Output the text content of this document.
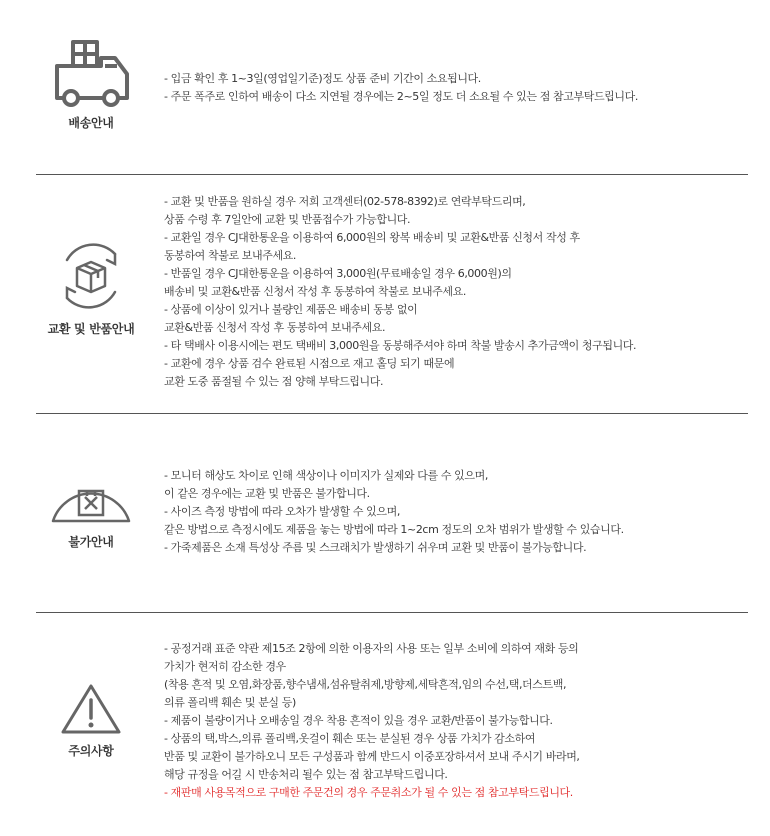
배송안내
- 입금 확인 후 1~3일(영업일기준)정도 상품 준비 기간이 소요됩니다.
- 주문 폭주로 인하여 배송이 다소 지연될 경우에는 2~5일 정도 더 소요될 수 있는 점 참고부탁드립니다.
교환 및 반품안내
- 교환 및 반품을 원하실 경우 저희 고객센터(02-578-8392)로 연락부탁드리며,
상품 수령 후 7일안에 교환 및 반품접수가 가능합니다.
- 교환일 경우 CJ대한통운을 이용하여 6,000원의 왕복 배송비 및 교환&반품 신청서 작성 후
동봉하여 착불로 보내주세요.
- 반품일 경우 CJ대한통운을 이용하여 3,000원(무료배송일 경우 6,000원)의
배송비 및 교환&반품 신청서 작성 후 동봉하여 착불로 보내주세요.
- 상품에 이상이 있거나 불량인 제품은 배송비 동봉 없이
교환&반품 신청서 작성 후 동봉하여 보내주세요.
- 타 택배사 이용시에는 편도 택배비 3,000원을 동봉해주셔야 하며 착불 발송시 추가금액이 청구됩니다.
- 교환에 경우 상품 검수 완료된 시점으로 재고 홀딩 되기 때문에
교환 도중 품절될 수 있는 점 양해 부탁드립니다.
불가안내
- 모니터 해상도 차이로 인해 색상이나 이미지가 실제와 다를 수 있으며,
이 같은 경우에는 교환 및 반품은 불가합니다.
- 사이즈 측정 방법에 따라 오차가 발생할 수 있으며,
같은 방법으로 측정시에도 제품을 놓는 방법에 따라 1~2cm 정도의 오차 범위가 발생할 수 있습니다.
- 가죽제품은 소재 특성상 주름 및 스크래치가 발생하기 쉬우며 교환 및 반품이 불가능합니다.
주의사항
- 공정거래 표준 약관 제15조 2항에 의한 이용자의 사용 또는 일부 소비에 의하여 재화 등의
가치가 현저히 감소한 경우
(착용 흔적 및 오염,화장품,향수냄새,섬유탈취제,방향제,세탁흔적,임의 수선,택,더스트백,
의류 폴리백 훼손 및 분실 등)
- 제품이 불량이거나 오배송일 경우 착용 흔적이 있을 경우 교환/반품이 불가능합니다.
- 상품의 택,박스,의류 폴리백,옷걸이 훼손 또는 분실된 경우 상품 가치가 감소하여
반품 및 교환이 불가하오니 모든 구성품과 함께 반드시 이중포장하셔서 보내 주시기 바라며,
해당 규정을 어길 시 반송처리 될수 있는 점 참고부탁드립니다.
- 재판매 사용목적으로 구매한 주문건의 경우 주문취소가 될 수 있는 점 참고부탁드립니다.
